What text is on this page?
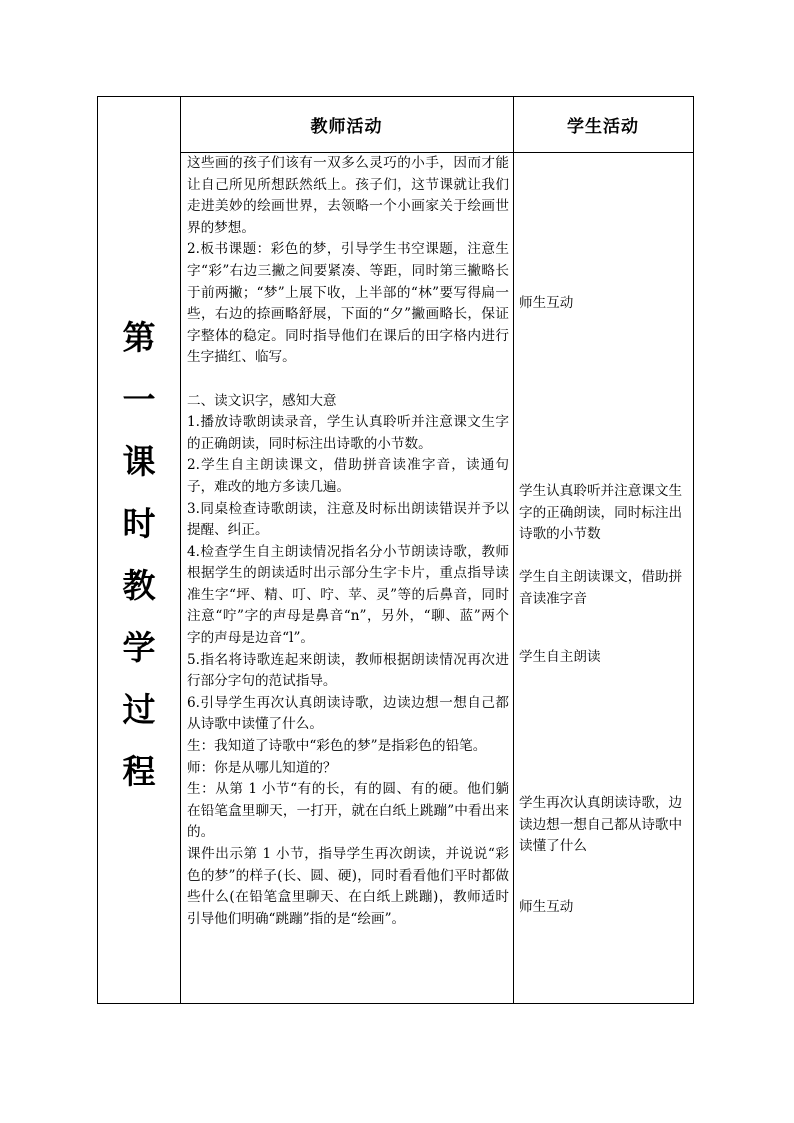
教师活动	学生活动
第
一
课
时
教
学
过
程

这些画的孩子们该有一双多么灵巧的小手，因而才能让自己所见所想跃然纸上。孩子们，这节课就让我们走进美妙的绘画世界，去领略一个小画家关于绘画世界的梦想。

2.板书课题：彩色的梦，引导学生书空课题，注意生字“彩”右边三撇之间要紧凑、等距，同时第三撇略长于前两撇；“梦”上展下收，上半部的“林”要写得扁一些，右边的捺画略舒展，下面的“夕”撇画略长，保证字整体的稳定。同时指导他们在课后的田字格内进行生字描红、临写。

二、读文识字，感知大意

1.播放诗歌朗读录音，学生认真聆听并注意课文生字的正确朗读，同时标注出诗歌的小节数。

2.学生自主朗读课文，借助拼音读准字音，读通句子，难改的地方多读几遍。

3.同桌检查诗歌朗读，注意及时标出朗读错误并予以提醒、纠正。

4.检查学生自主朗读情况指名分小节朗读诗歌，教师根据学生的朗读适时出示部分生字卡片，重点指导读准生字“坪、精、叮、咛、苹、灵”等的后鼻音，同时注意“咛”字的声母是鼻音“n”，另外，“聊、蓝”两个字的声母是边音“l”。

5.指名将诗歌连起来朗读，教师根据朗读情况再次进行部分字句的范试指导。

6.引导学生再次认真朗读诗歌，边读边想一想自己都从诗歌中读懂了什么。

生：我知道了诗歌中“彩色的梦”是指彩色的铅笔。

师：你是从哪儿知道的？

生：从第 1 小节“有的长，有的圆、有的硬。他们躺在铅笔盒里聊天，一打开，就在白纸上跳蹦”中看出来的。

课件出示第 1 小节，指导学生再次朗读，并说说“彩色的梦”的样子(长、圆、硬)，同时看看他们平时都做些什么(在铅笔盒里聊天、在白纸上跳蹦)，教师适时引导他们明确“跳蹦”指的是“绘画”。

师生互动

学生认真聆听并注意课文生字的正确朗读，同时标注出诗歌的小节数

学生自主朗读课文，借助拼音读准字音

学生自主朗读

学生再次认真朗读诗歌，边读边想一想自己都从诗歌中读懂了什么

师生互动
